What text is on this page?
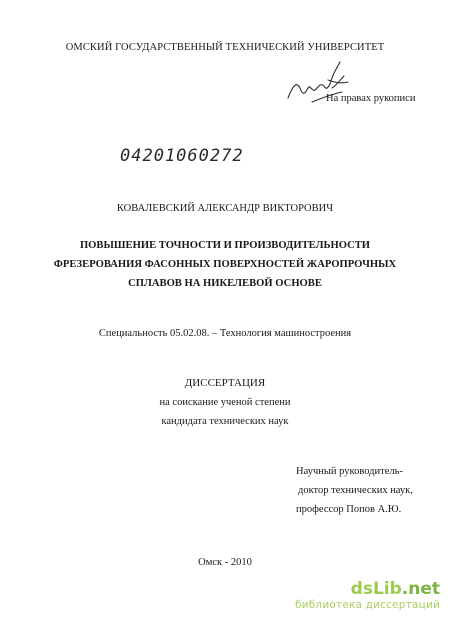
ОМСКИЙ ГОСУДАРСТВЕННЫЙ ТЕХНИЧЕСКИЙ УНИВЕРСИТЕТ
На правах рукописи
04201060272
КОВАЛЕВСКИЙ АЛЕКСАНДР ВИКТОРОВИЧ
ПОВЫШЕНИЕ ТОЧНОСТИ И ПРОИЗВОДИТЕЛЬНОСТИ
ФРЕЗЕРОВАНИЯ ФАСОННЫХ ПОВЕРХНОСТЕЙ ЖАРОПРОЧНЫХ
СПЛАВОВ НА НИКЕЛЕВОЙ ОСНОВЕ
Специальность 05.02.08. – Технология машиностроения
ДИССЕРТАЦИЯ
на соискание ученой степени
кандидата технических наук
Научный руководитель-
доктор технических наук,
профессор Попов А.Ю.
Омск - 2010
dsLib.net
библиотека диссертаций
